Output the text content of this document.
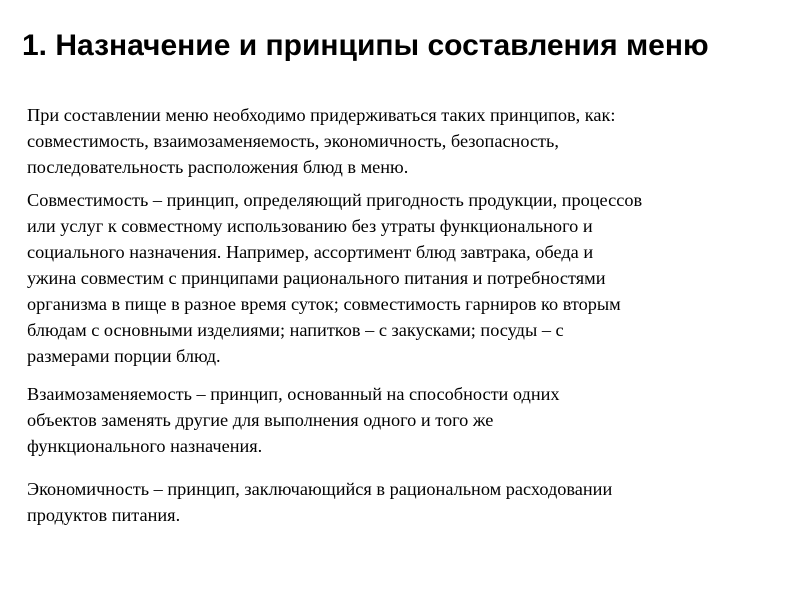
1. Назначение и принципы составления меню
При составлении меню необходимо придерживаться таких принципов, как:
совместимость, взаимозаменяемость, экономичность, безопасность,
последовательность расположения блюд в меню.
Совместимость – принцип, определяющий пригодность продукции, процессов
или услуг к совместному использованию без утраты функционального и
социального назначения. Например, ассортимент блюд завтрака, обеда и
ужина совместим с принципами рационального питания и потребностями
организма в пище в разное время суток; совместимость гарниров ко вторым
блюдам с основными изделиями; напитков – с закусками; посуды – с
размерами порции блюд.
Взаимозаменяемость – принцип, основанный на способности одних
объектов заменять другие для выполнения одного и того же
функционального назначения.
Экономичность – принцип, заключающийся в рациональном расходовании
продуктов питания.
